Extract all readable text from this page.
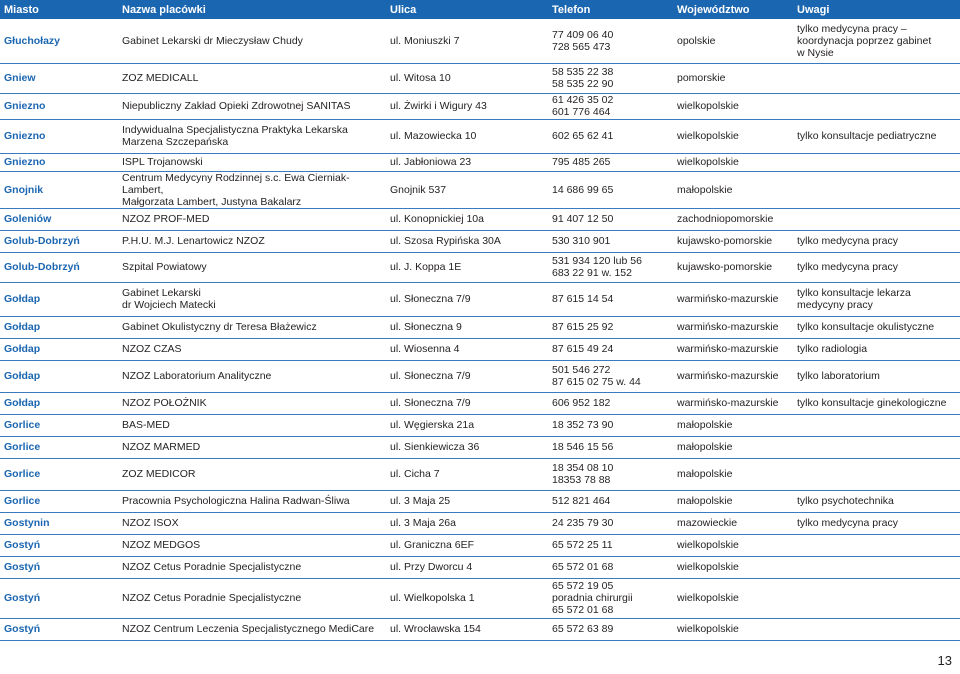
Miasto	Nazwa placówki	Ulica	Telefon	Województwo	Uwagi
Głuchołazy	Gabinet Lekarski dr Mieczysław Chudy	ul. Moniuszki 7	77 409 06 40
728 565 473	opolskie	tylko medycyna pracy –
koordynacja poprzez gabinet
w Nysie
Gniew	ZOZ MEDICALL	ul. Witosa 10	58 535 22 38
58 535 22 90	pomorskie	
Gniezno	Niepubliczny Zakład Opieki Zdrowotnej SANITAS	ul. Żwirki i Wigury 43	61 426 35 02
601 776 464	wielkopolskie	
Gniezno	Indywidualna Specjalistyczna Praktyka Lekarska
Marzena Szczepańska	ul. Mazowiecka 10	602 65 62 41	wielkopolskie	tylko konsultacje pediatryczne
Gniezno	ISPL Trojanowski	ul. Jabłoniowa 23	795 485 265	wielkopolskie	
Gnojnik	Centrum Medycyny Rodzinnej s.c. Ewa Cierniak-Lambert,
Małgorzata Lambert, Justyna Bakalarz	Gnojnik 537	14 686 99 65	małopolskie	
Goleniów	NZOZ PROF-MED	ul. Konopnickiej 10a	91 407 12 50	zachodniopomorskie	
Golub-Dobrzyń	P.H.U. M.J. Lenartowicz NZOZ	ul. Szosa Rypińska 30A	530 310 901	kujawsko-pomorskie	tylko medycyna pracy
Golub-Dobrzyń	Szpital Powiatowy	ul. J. Koppa 1E	531 934 120 lub 56
683 22 91 w. 152	kujawsko-pomorskie	tylko medycyna pracy
Gołdap	Gabinet Lekarski
dr Wojciech Matecki	ul. Słoneczna 7/9	87 615 14 54	warmińsko-mazurskie	tylko konsultacje lekarza
medycyny pracy
Gołdap	Gabinet Okulistyczny dr Teresa Błażewicz	ul. Słoneczna 9	87 615 25 92	warmińsko-mazurskie	tylko konsultacje okulistyczne
Gołdap	NZOZ CZAS	ul. Wiosenna 4	87 615 49 24	warmińsko-mazurskie	tylko radiologia
Gołdap	NZOZ Laboratorium Analityczne	ul. Słoneczna 7/9	501 546 272
87 615 02 75 w. 44	warmińsko-mazurskie	tylko laboratorium
Gołdap	NZOZ POŁOŻNIK	ul. Słoneczna 7/9	606 952 182	warmińsko-mazurskie	tylko konsultacje ginekologiczne
Gorlice	BAS-MED	ul. Węgierska 21a	18 352 73 90	małopolskie	
Gorlice	NZOZ MARMED	ul. Sienkiewicza 36	18 546 15 56	małopolskie	
Gorlice	ZOZ MEDICOR	ul. Cicha 7	18 354 08 10
18353 78 88	małopolskie	
Gorlice	Pracownia Psychologiczna Halina Radwan-Śliwa	ul. 3 Maja 25	512 821 464	małopolskie	tylko psychotechnika
Gostynin	NZOZ ISOX	ul. 3 Maja 26a	24 235 79 30	mazowieckie	tylko medycyna pracy
Gostyń	NZOZ MEDGOS	ul. Graniczna 6EF	65 572 25 11	wielkopolskie	
Gostyń	NZOZ Cetus Poradnie Specjalistyczne	ul. Przy Dworcu 4	65 572 01 68	wielkopolskie	
Gostyń	NZOZ Cetus Poradnie Specjalistyczne	ul. Wielkopolska 1	65 572 19 05
poradnia chirurgii
65 572 01 68	wielkopolskie	
Gostyń	NZOZ Centrum Leczenia Specjalistycznego MediCare	ul. Wrocławska 154	65 572 63 89	wielkopolskie	
13
